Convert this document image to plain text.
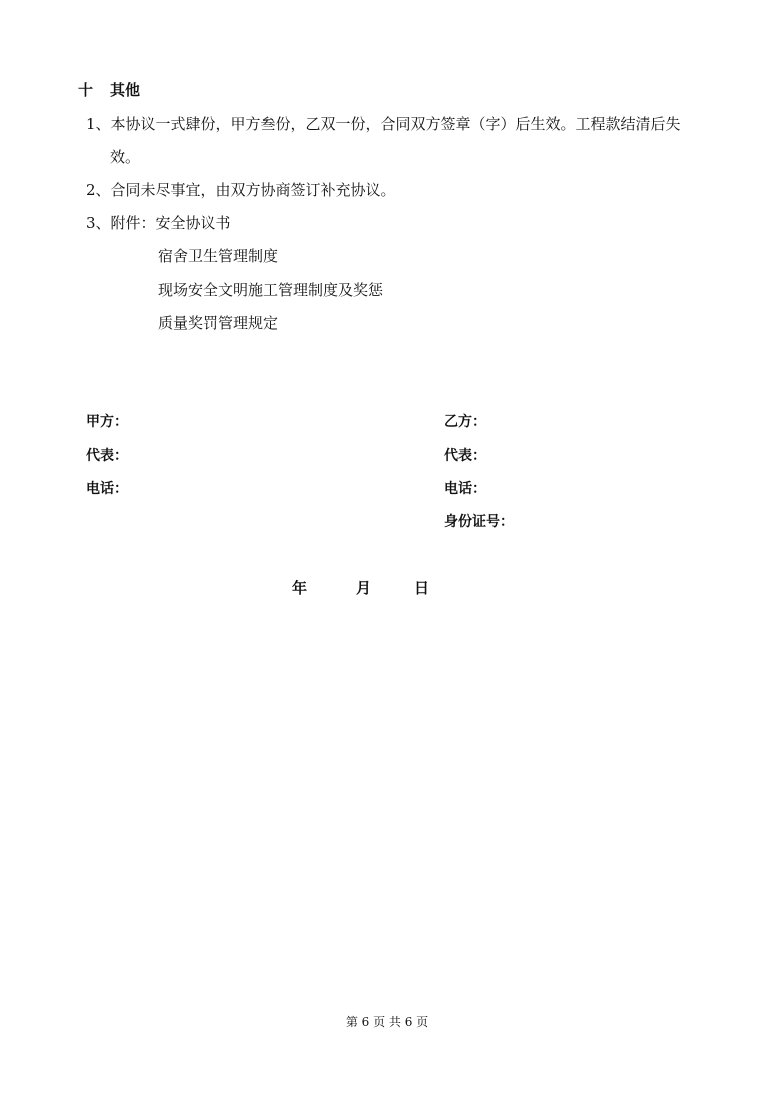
十 其他
1、本协议一式肆份，甲方叁份，乙双一份，合同双方签章（字）后生效。工程款结清后失
效。
2、合同未尽事宜，由双方协商签订补充协议。
3、附件：安全协议书
宿舍卫生管理制度
现场安全文明施工管理制度及奖惩
质量奖罚管理规定
甲方：
代表：
电话：
乙方：
代表：
电话：
身份证号：
年	月	日
第 6 页 共 6 页
